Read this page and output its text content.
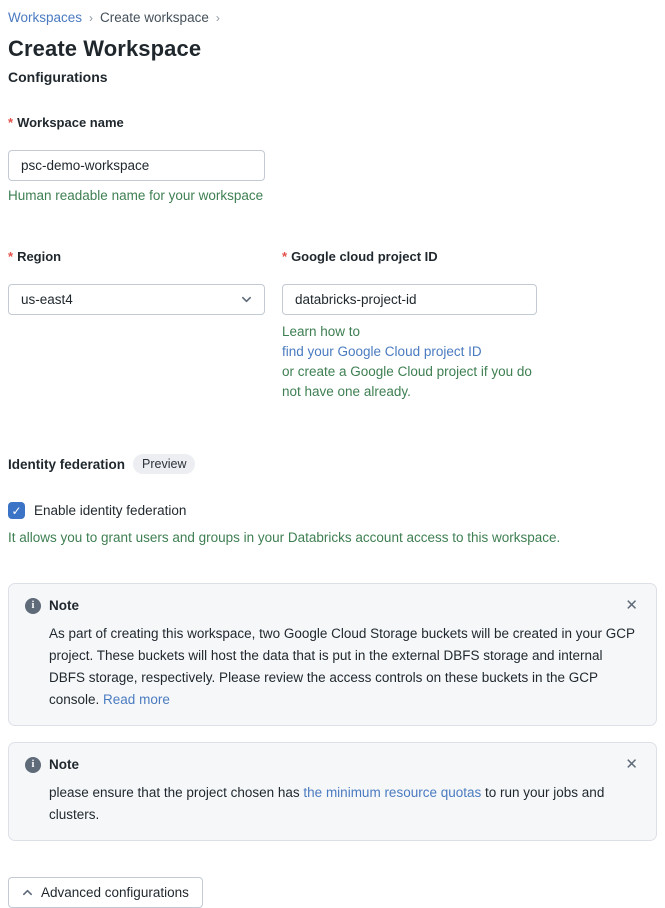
Workspaces › Create workspace ›
Create Workspace
Configurations
* Workspace name
psc-demo-workspace
Human readable name for your workspace
* Region
us-east4
* Google cloud project ID
databricks-project-id
Learn how to
find your Google Cloud project ID
or create a Google Cloud project if you do
not have one already.
Identity federation	Preview
✓ Enable identity federation
It allows you to grant users and groups in your Databricks account access to this workspace.
i	Note	✕
As part of creating this workspace, two Google Cloud Storage buckets will be created in your GCP project. These buckets will host the data that is put in the external DBFS storage and internal DBFS storage, respectively. Please review the access controls on these buckets in the GCP console. Read more
i	Note	✕
please ensure that the project chosen has the minimum resource quotas to run your jobs and clusters.
Advanced configurations
